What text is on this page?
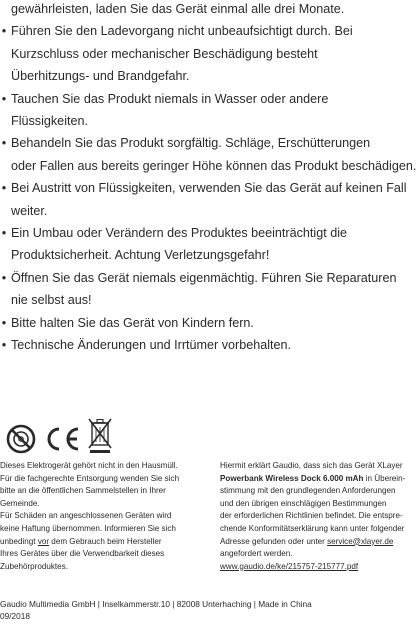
gewährleisten, laden Sie das Gerät einmal alle drei Monate.
• Führen Sie den Ladevorgang nicht unbeaufsichtigt durch. Bei
Kurzschluss oder mechanischer Beschädigung besteht
Überhitzungs- und Brandgefahr.
• Tauchen Sie das Produkt niemals in Wasser oder andere
Flüssigkeiten.
• Behandeln Sie das Produkt sorgfältig. Schläge, Erschütterungen
oder Fallen aus bereits geringer Höhe können das Produkt beschädigen.
• Bei Austritt von Flüssigkeiten, verwenden Sie das Gerät auf keinen Fall
weiter.
• Ein Umbau oder Verändern des Produktes beeinträchtigt die
Produktsicherheit. Achtung Verletzungsgefahr!
• Öffnen Sie das Gerät niemals eigenmächtig. Führen Sie Reparaturen
nie selbst aus!
• Bitte halten Sie das Gerät von Kindern fern.
• Technische Änderungen und Irrtümer vorbehalten.
Dieses Elektrogerät gehört nicht in den Hausmüll.
Für die fachgerechte Entsorgung wenden Sie sich
bitte an die öffentlichen Sammelstellen in Ihrer
Gemeinde.
Für Schäden an angeschlossenen Geräten wird
keine Haftung übernommen. Informieren Sie sich
unbedingt vor dem Gebrauch beim Hersteller
Ihres Gerätes über die Verwendbarkeit dieses
Zubehörproduktes.
Hiermit erklärt Gaudio, dass sich das Gerät XLayer
Powerbank Wireless Dock 6.000 mAh in Überein-
stimmung mit den grundlegenden Anforderungen
und den übrigen einschlägigen Bestimmungen
der erforderlichen Richtlinien befindet. Die entspre-
chende Konformitätserklärung kann unter folgender
Adresse gefunden oder unter service@xlayer.de
angefordert werden.
www.gaudio.de/ke/215757-215777.pdf
Gaudio Multimedia GmbH | Inselkammerstr.10 | 82008 Unterhaching | Made in China
09/2018
